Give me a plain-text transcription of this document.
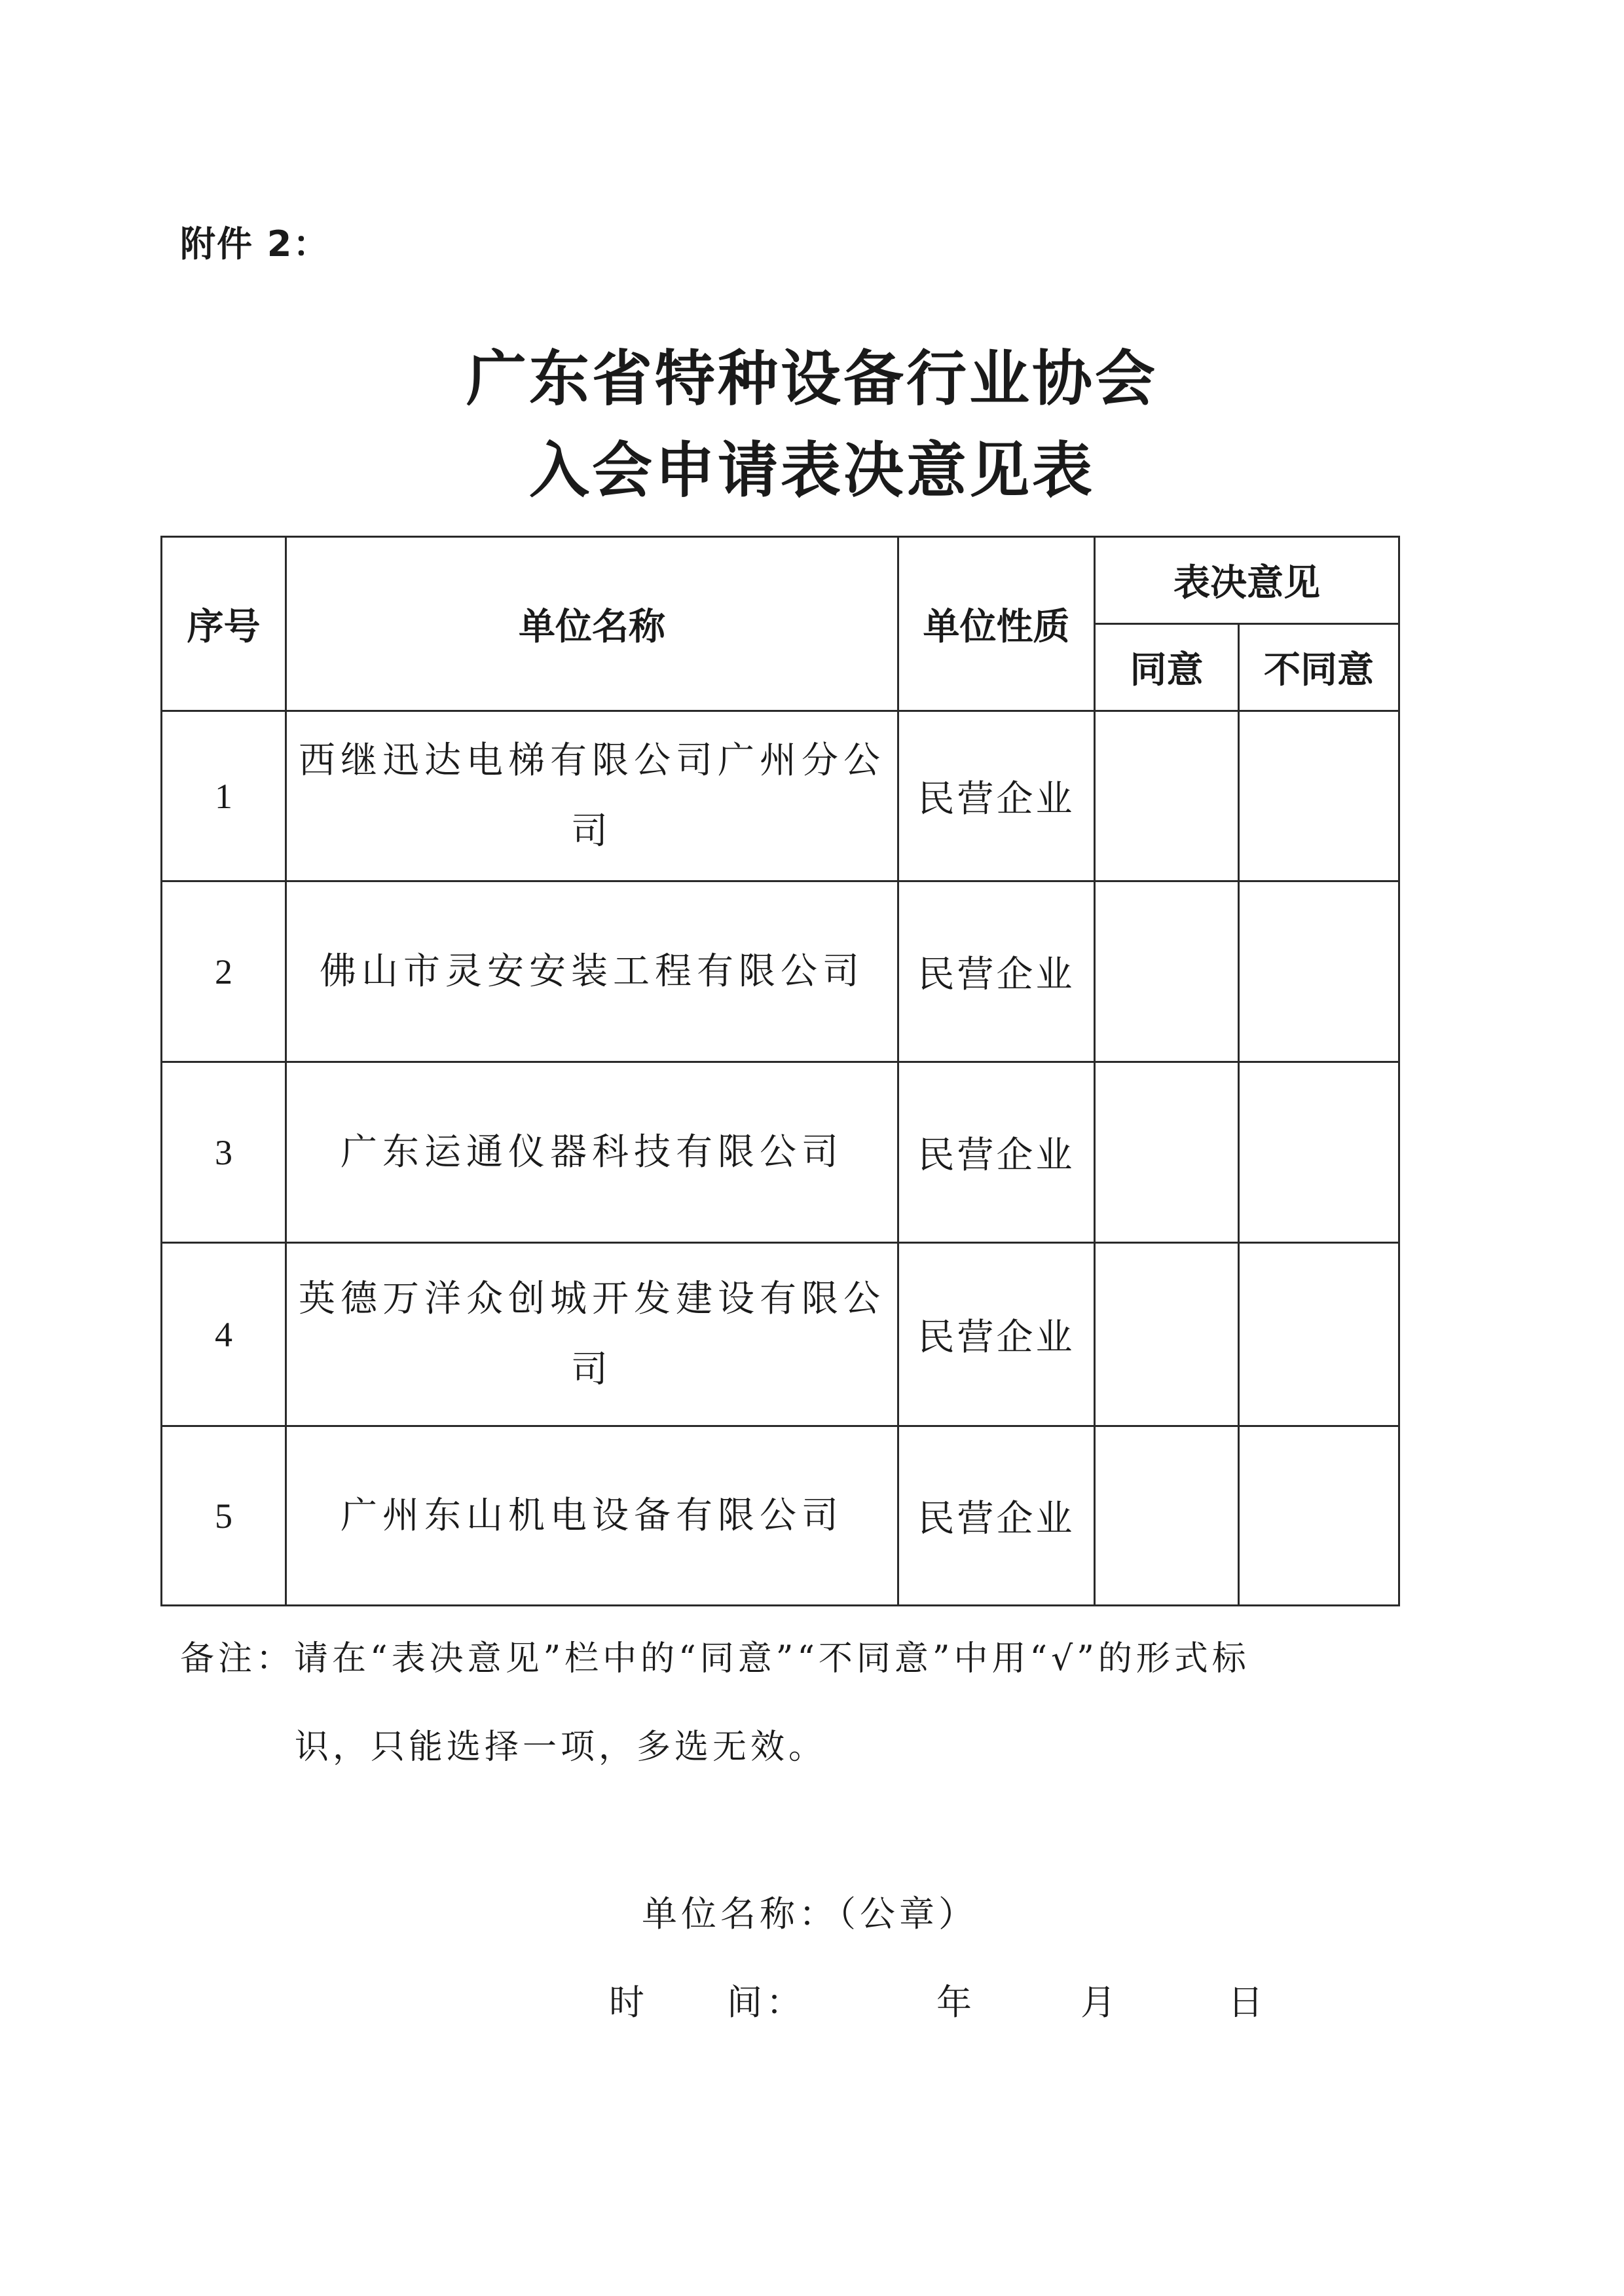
附件 2：
广东省特种设备行业协会
入会申请表决意见表
序号	单位名称	单位性质	表决意见	
			同意	不同意
1	西继迅达电梯有限公司广州分公司	民营企业		
2	佛山市灵安安装工程有限公司	民营企业		
3	广东运通仪器科技有限公司	民营企业		
4	英德万洋众创城开发建设有限公司	民营企业		
5	广州东山机电设备有限公司	民营企业		
备注：请在“表决意见”栏中的“同意”“不同意”中用“√”的形式标
识，只能选择一项，多选无效。
单位名称：（公章）
时　　间：	年	月	日
